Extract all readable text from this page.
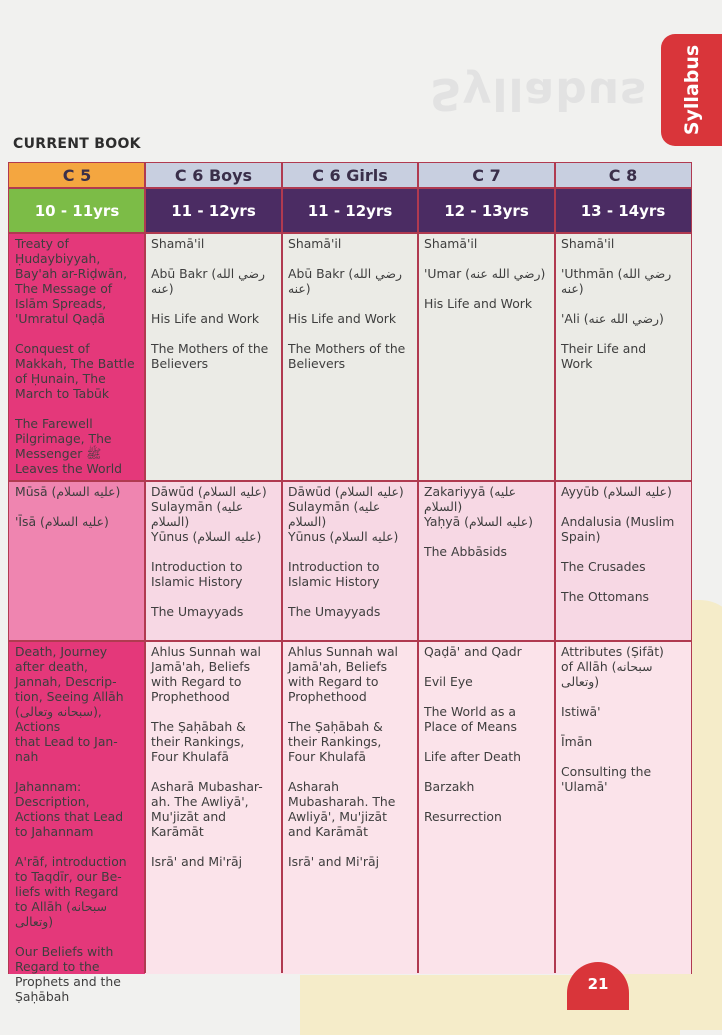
Syllabus Syllabus
CURRENT BOOK
C 5
10 - 11yrs
C 6 Boys
11 - 12yrs
C 6 Girls
11 - 12yrs
C 7
12 - 13yrs
C 8
13 - 14yrs

Treaty of
Ḥudaybiyyah,
Bay'ah ar-Riḍwān,
The Message of
Islām Spreads,
'Umratul Qaḍā

Conquest of
Makkah, The Battle
of Ḥunain, The
March to Tabūk

The Farewell
Pilgrimage, The
Messenger ﷺ
Leaves the World

Shamā'il

Abū Bakr (رضي الله عنه)

His Life and Work

The Mothers of the
Believers

Shamā'il

Abū Bakr (رضي الله عنه)

His Life and Work

The Mothers of the
Believers

Shamā'il

'Umar (رضي الله عنه)

His Life and Work

Shamā'il

'Uthmān (رضي الله عنه)

'Ali (رضي الله عنه)

Their Life and
Work

Mūsā (عليه السلام)

'Īsā (عليه السلام)

Dāwūd (عليه السلام)
Sulaymān (عليه السلام)
Yūnus (عليه السلام)

Introduction to
Islamic History

The Umayyads

Dāwūd (عليه السلام)
Sulaymān (عليه السلام)
Yūnus (عليه السلام)

Introduction to
Islamic History

The Umayyads

Zakariyyā (عليه السلام)
Yaḥyā (عليه السلام)

The Abbāsids

Ayyūb (عليه السلام)

Andalusia (Muslim
Spain)

The Crusades

The Ottomans

Death, Journey
after death,
Jannah, Descrip-
tion, Seeing Allāh
(سبحانه وتعالى), Actions
that Lead to Jan-
nah

Jahannam:
Description,
Actions that Lead
to Jahannam

A'rāf, introduction
to Taqdīr, our Be-
liefs with Regard
to Allāh (سبحانه وتعالى)

Our Beliefs with
Regard to the
Prophets and the
Ṣaḥābah

Ahlus Sunnah wal
Jamā'ah, Beliefs
with Regard to
Prophethood

The Ṣaḥābah &
their Rankings,
Four Khulafā

Asharā Mubashar-
ah. The Awliyā',
Mu'jizāt and
Karāmāt

Isrā' and Mi'rāj

Ahlus Sunnah wal
Jamā'ah, Beliefs
with Regard to
Prophethood

The Ṣaḥābah &
their Rankings,
Four Khulafā

Asharah
Mubasharah. The
Awliyā', Mu'jizāt
and Karāmāt

Isrā' and Mi'rāj

Qaḍā' and Qadr

Evil Eye

The World as a
Place of Means

Life after Death

Barzakh

Resurrection

Attributes (Ṣifāt)
of Allāh (سبحانه وتعالى)

Istiwā'

Īmān

Consulting the
'Ulamā'

21
